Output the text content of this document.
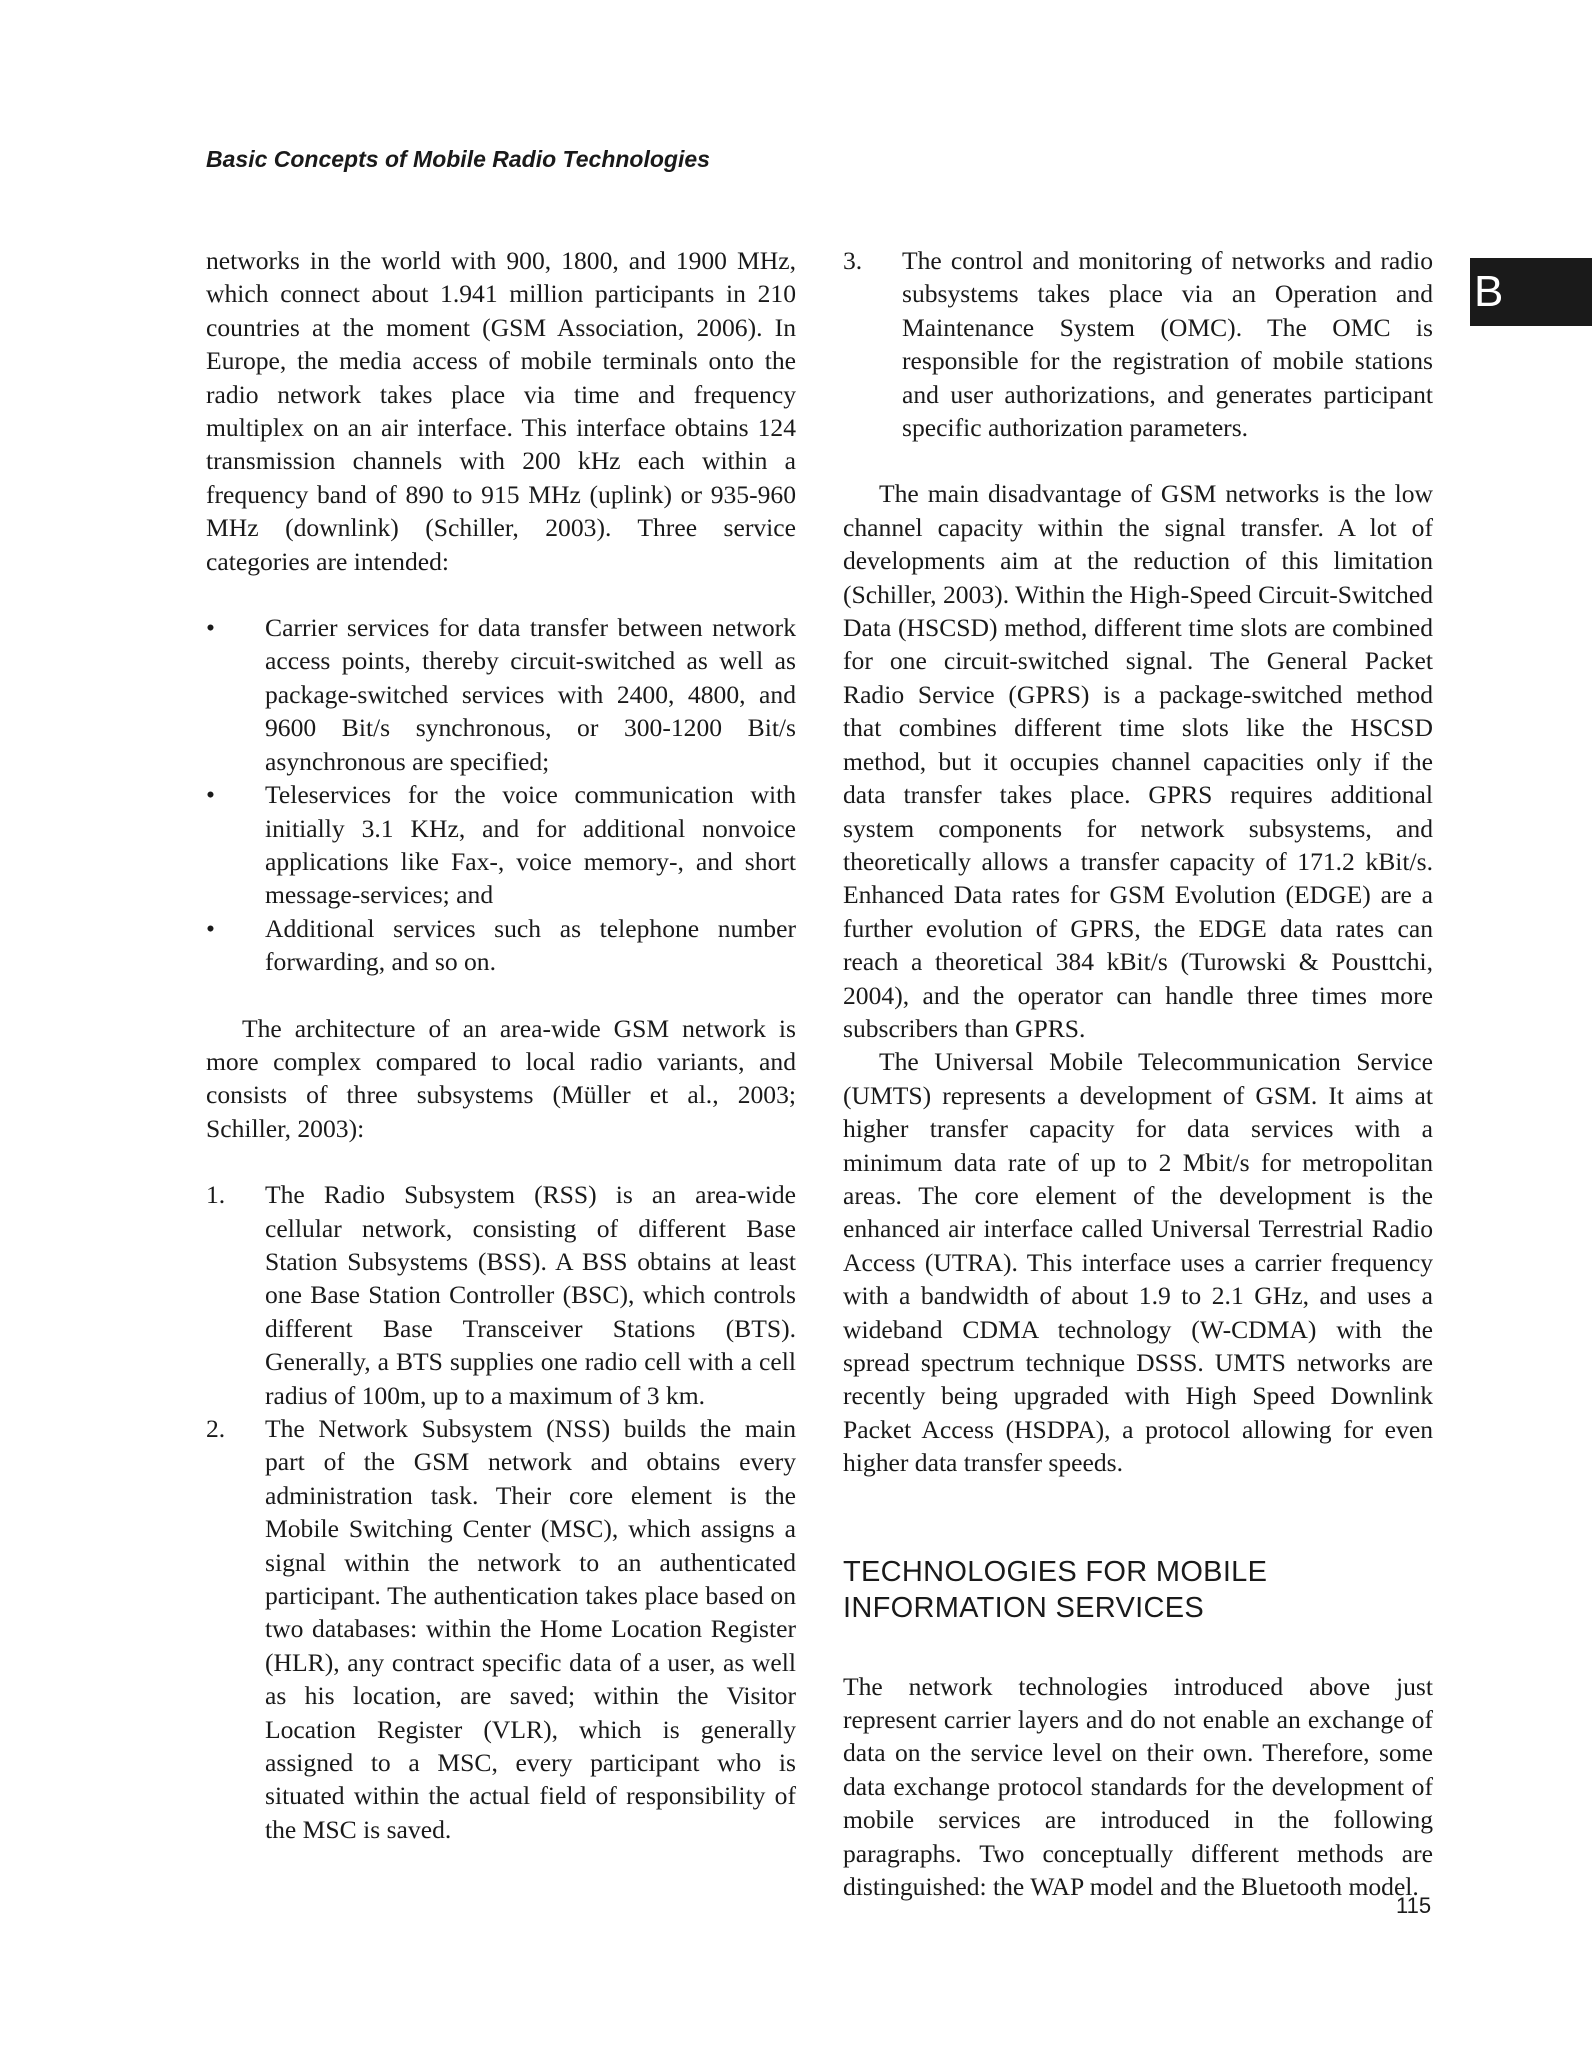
Basic Concepts of Mobile Radio Technologies
B

networks in the world with 900, 1800, and 1900 MHz, which connect about 1.941 million participants in 210 countries at the moment (GSM Association, 2006). In Europe, the media access of mobile terminals onto the radio network takes place via time and frequency multiplex on an air interface. This interface obtains 124 transmission channels with 200 kHz each within a frequency band of 890 to 915 MHz (uplink) or 935-960 MHz (downlink) (Schiller, 2003). Three service categories are intended:

• Carrier services for data transfer between network access points, thereby circuit-switched as well as package-switched services with 2400, 4800, and 9600 Bit/s synchronous, or 300-1200 Bit/s asynchronous are specified;
• Teleservices for the voice communication with initially 3.1 KHz, and for additional nonvoice applications like Fax-, voice memory-, and short message-services; and
• Additional services such as telephone number forwarding, and so on.

The architecture of an area-wide GSM network is more complex compared to local radio variants, and consists of three subsystems (Müller et al., 2003; Schiller, 2003):

1. The Radio Subsystem (RSS) is an area-wide cellular network, consisting of different Base Station Subsystems (BSS). A BSS obtains at least one Base Station Controller (BSC), which controls different Base Transceiver Stations (BTS). Generally, a BTS supplies one radio cell with a cell radius of 100m, up to a maximum of 3 km.
2. The Network Subsystem (NSS) builds the main part of the GSM network and obtains every administration task. Their core element is the Mobile Switching Center (MSC), which assigns a signal within the network to an authenticated participant. The authentication takes place based on two databases: within the Home Location Register (HLR), any contract specific data of a user, as well as his location, are saved; within the Visitor Location Register (VLR), which is generally assigned to a MSC, every participant who is situated within the actual field of responsibility of the MSC is saved.
3. The control and monitoring of networks and radio subsystems takes place via an Operation and Maintenance System (OMC). The OMC is responsible for the registration of mobile stations and user authorizations, and generates participant specific authorization parameters.

The main disadvantage of GSM networks is the low channel capacity within the signal transfer. A lot of developments aim at the reduction of this limitation (Schiller, 2003). Within the High-Speed Circuit-Switched Data (HSCSD) method, different time slots are combined for one circuit-switched signal. The General Packet Radio Service (GPRS) is a package-switched method that combines different time slots like the HSCSD method, but it occupies channel capacities only if the data transfer takes place. GPRS requires additional system components for network subsystems, and theoretically allows a transfer capacity of 171.2 kBit/s. Enhanced Data rates for GSM Evolution (EDGE) are a further evolution of GPRS, the EDGE data rates can reach a theoretical 384 kBit/s (Turowski & Pousttchi, 2004), and the operator can handle three times more subscribers than GPRS.

The Universal Mobile Telecommunication Service (UMTS) represents a development of GSM. It aims at higher transfer capacity for data services with a minimum data rate of up to 2 Mbit/s for metropolitan areas. The core element of the development is the enhanced air interface called Universal Terrestrial Radio Access (UTRA). This interface uses a carrier frequency with a bandwidth of about 1.9 to 2.1 GHz, and uses a wideband CDMA technology (W-CDMA) with the spread spectrum technique DSSS. UMTS networks are recently being upgraded with High Speed Downlink Packet Access (HSDPA), a protocol allowing for even higher data transfer speeds.

TECHNOLOGIES FOR MOBILE INFORMATION SERVICES

The network technologies introduced above just represent carrier layers and do not enable an exchange of data on the service level on their own. Therefore, some data exchange protocol standards for the development of mobile services are introduced in the following paragraphs. Two conceptually different methods are distinguished: the WAP model and the Bluetooth model.

115
